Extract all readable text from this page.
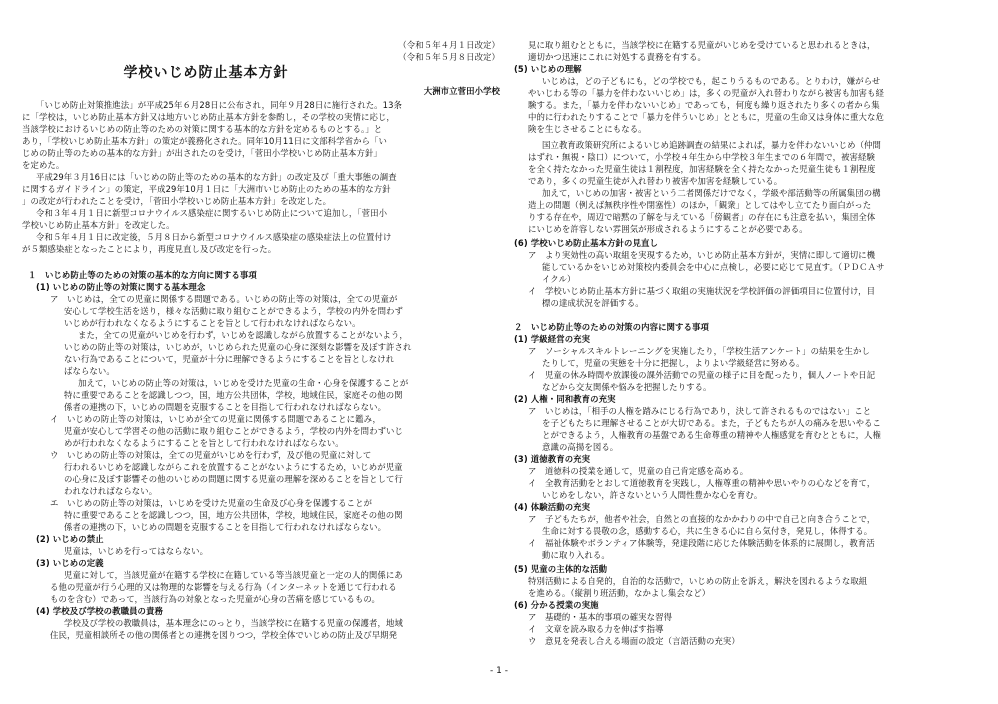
（令和５年４月１日改定）
（令和５年５月８日改定）
学校いじめ防止基本方針
大洲市立菅田小学校
「いじめ防止対策推進法」が平成25年６月28日に公布され，同年９月28日に施行された。13条
に「学校は，いじめ防止基本方針又は地方いじめ防止基本方針を参酌し，その学校の実情に応じ，
当該学校におけるいじめの防止等のための対策に関する基本的な方針を定めるものとする。」と
あり，「学校いじめ防止基本方針」の策定が義務化された。同年10月11日に文部科学省から「い
じめの防止等のための基本的な方針」が出されたのを受け，「菅田小学校いじめ防止基本方針」
を定めた。
平成29年３月16日には「いじめの防止等のための基本的な方針」の改定及び「重大事態の調査
に関するガイドライン」の策定，平成29年10月１日に「大洲市いじめ防止のための基本的な方針
」の改定が行われたことを受け，「菅田小学校いじめ防止基本方針」を改定した。
令和３年４月１日に新型コロナウイルス感染症に関するいじめ防止について追加し，「菅田小
学校いじめ防止基本方針」を改定した。
令和５年４月１日に改定後，５月８日から新型コロナウイルス感染症の感染症法上の位置付け
が５類感染症となったことにより，再度見直し及び改定を行った。
１　いじめ防止等のための対策の基本的な方向に関する事項
(1) いじめの防止等の対策に関する基本理念
ア　いじめは，全ての児童に関係する問題である。いじめの防止等の対策は，全ての児童が
安心して学校生活を送り，様々な活動に取り組むことができるよう，学校の内外を問わず
いじめが行われなくなるようにすることを旨として行われなければならない。
また，全ての児童がいじめを行わず，いじめを認識しながら放置することがないよう，
いじめの防止等の対策は，いじめが，いじめられた児童の心身に深刻な影響を及ぼす許され
ない行為であることについて，児童が十分に理解できるようにすることを旨としなけれ
ばならない。
加えて，いじめの防止等の対策は，いじめを受けた児童の生命・心身を保護することが
特に重要であることを認識しつつ，国，地方公共団体，学校，地域住民，家庭その他の関
係者の連携の下，いじめの問題を克服することを目指して行われなければならない。
イ　いじめの防止等の対策は，いじめが全ての児童に関係する問題であることに鑑み，
児童が安心して学習その他の活動に取り組むことができるよう，学校の内外を問わずいじ
めが行われなくなるようにすることを旨として行われなければならない。
ウ　いじめの防止等の対策は，全ての児童がいじめを行わず，及び他の児童に対して
行われるいじめを認識しながらこれを放置することがないようにするため，いじめが児童
の心身に及ぼす影響その他のいじめの問題に関する児童の理解を深めることを旨として行
われなければならない。
エ　いじめの防止等の対策は，いじめを受けた児童の生命及び心身を保護することが
特に重要であることを認識しつつ，国，地方公共団体，学校，地域住民，家庭その他の関
係者の連携の下，いじめの問題を克服することを目指して行われなければならない。
(2) いじめの禁止
児童は，いじめを行ってはならない。
(3) いじめの定義
児童に対して，当該児童が在籍する学校に在籍している等当該児童と一定の人的関係にあ
る他の児童が行う心理的又は物理的な影響を与える行為（インターネットを通じて行われる
ものを含む）であって，当該行為の対象となった児童が心身の苦痛を感じているもの。
(4) 学校及び学校の教職員の責務
学校及び学校の教職員は，基本理念にのっとり，当該学校に在籍する児童の保護者，地域
住民，児童相談所その他の関係者との連携を図りつつ，学校全体でいじめの防止及び早期発
見に取り組むとともに，当該学校に在籍する児童がいじめを受けていると思われるときは，
適切かつ迅速にこれに対処する責務を有する。
(5) いじめの理解
いじめは，どの子どもにも，どの学校でも，起こりうるものである。とりわけ，嫌がらせ
やいじわる等の「暴力を伴わないいじめ」は，多くの児童が入れ替わりながら被害も加害も経
験する。また，「暴力を伴わないいじめ」であっても，何度も繰り返されたり多くの者から集
中的に行われたりすることで「暴力を伴ういじめ」とともに，児童の生命又は身体に重大な危
険を生じさせることにもなる。
国立教育政策研究所によるいじめ追跡調査の結果によれば，暴力を伴わないいじめ（仲間
はずれ・無視・陰口）について，小学校４年生から中学校３年生までの６年間で，被害経験
を全く持たなかった児童生徒は１割程度，加害経験を全く持たなかった児童生徒も１割程度
であり，多くの児童生徒が入れ替わり被害や加害を経験している。
加えて，いじめの加害・被害という二者関係だけでなく，学級や部活動等の所属集団の構
造上の問題（例えば無秩序性や閉塞性）のほか，「観衆」としてはやし立てたり面白がった
りする存在や，周辺で暗黙の了解を与えている「傍観者」の存在にも注意を払い，集団全体
にいじめを許容しない雰囲気が形成されるようにすることが必要である。
(6) 学校いじめ防止基本方針の見直し
ア　より実効性の高い取組を実現するため，いじめ防止基本方針が，実情に即して適切に機
能しているかをいじめ対策校内委員会を中心に点検し，必要に応じて見直す。（ＰＤＣＡサ
イクル）
イ　学校いじめ防止基本方針に基づく取組の実施状況を学校評価の評価項目に位置付け，目
標の達成状況を評価する。
２　いじめ防止等のための対策の内容に関する事項
(1) 学級経営の充実
ア　ソーシャルスキルトレーニングを実施したり，「学校生活アンケート」の結果を生かし
たりして，児童の実態を十分に把握し，よりよい学級経営に努める。
イ　児童の休み時間や放課後の課外活動での児童の様子に目を配ったり，個人ノートや日記
などから交友関係や悩みを把握したりする。
(2) 人権・同和教育の充実
ア　いじめは，「相手の人権を踏みにじる行為であり，決して許されるものではない」こと
を子どもたちに理解させることが大切である。また，子どもたちが人の痛みを思いやるこ
とができるよう，人権教育の基盤である生命尊重の精神や人権感覚を育むとともに，人権
意識の高揚を図る。
(3) 道徳教育の充実
ア　道徳科の授業を通して，児童の自己肯定感を高める。
イ　全教育活動をとおして道徳教育を実践し，人権尊重の精神や思いやりの心などを育て，
いじめをしない，許さないという人間性豊かな心を育む。
(4) 体験活動の充実
ア　子どもたちが，他者や社会，自然との直接的なかかわりの中で自己と向き合うことで，
生命に対する畏敬の念，感動する心，共に生きる心に自ら気付き，発見し，体得する。
イ　福祉体験やボランティア体験等，発達段階に応じた体験活動を体系的に展開し，教育活
動に取り入れる。
(5) 児童の主体的な活動
特別活動による自発的，自治的な活動で，いじめの防止を訴え，解決を図れるような取組
を進める。（縦割り班活動，なかよし集会など）
(6) 分かる授業の実施
ア　基礎的・基本的事項の確実な習得
イ　文章を読み取る力を伸ばす指導
ウ　意見を発表し合える場面の設定（言語活動の充実）
- 1 -
